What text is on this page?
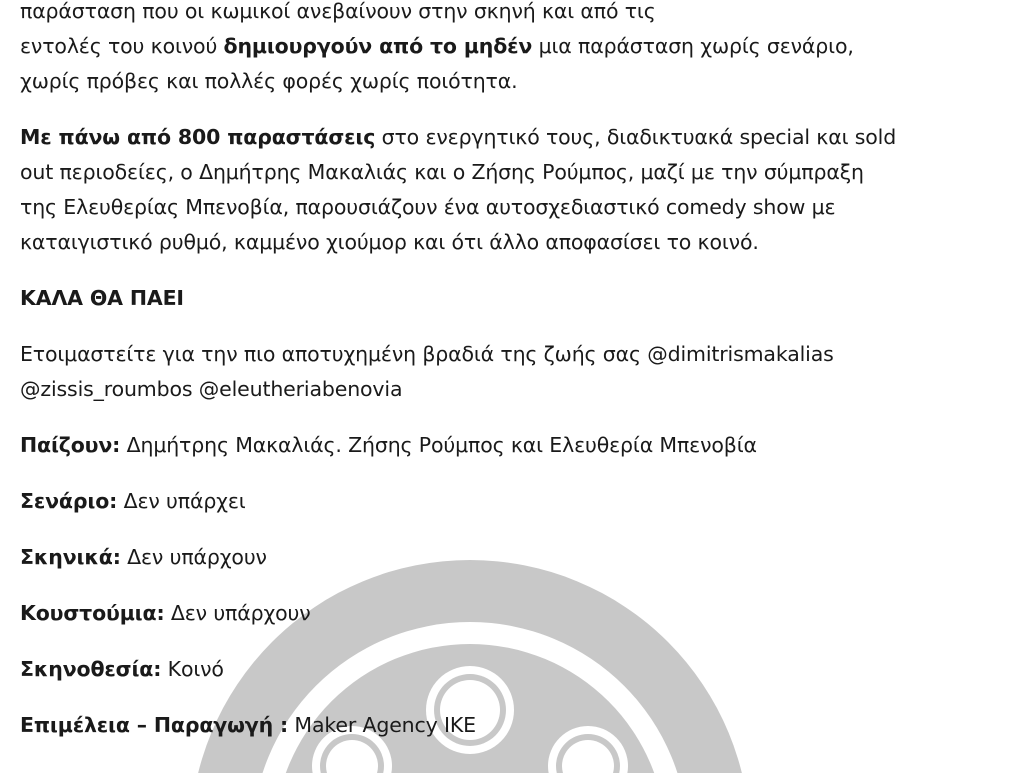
παράσταση που οι κωμικοί ανεβαίνουν στην σκηνή και από τις
εντολές του κοινού δημιουργούν από το μηδέν μια παράσταση χωρίς σενάριο,
χωρίς πρόβες και πολλές φορές χωρίς ποιότητα.

Με πάνω από 800 παραστάσεις στο ενεργητικό τους, διαδικτυακά special και sold
out περιοδείες, ο Δημήτρης Μακαλιάς και ο Ζήσης Ρούμπος, μαζί με την σύμπραξη
της Ελευθερίας Μπενοβία, παρουσιάζουν ένα αυτοσχεδιαστικό comedy show με
καταιγιστικό ρυθμό, καμμένο χιούμορ και ότι άλλο αποφασίσει το κοινό.

ΚΑΛΑ ΘΑ ΠΑΕΙ

Ετοιμαστείτε για την πιο αποτυχημένη βραδιά της ζωής σας @dimitrismakalias
@zissis_roumbos @eleutheriabenovia

Παίζουν: Δημήτρης Μακαλιάς. Ζήσης Ρούμπος και Ελευθερία Μπενοβία

Σενάριο: Δεν υπάρχει

Σκηνικά: Δεν υπάρχουν

Κουστούμια: Δεν υπάρχουν

Σκηνοθεσία: Κοινό

Επιμέλεια – Παραγωγή : Maker Agency IKE
